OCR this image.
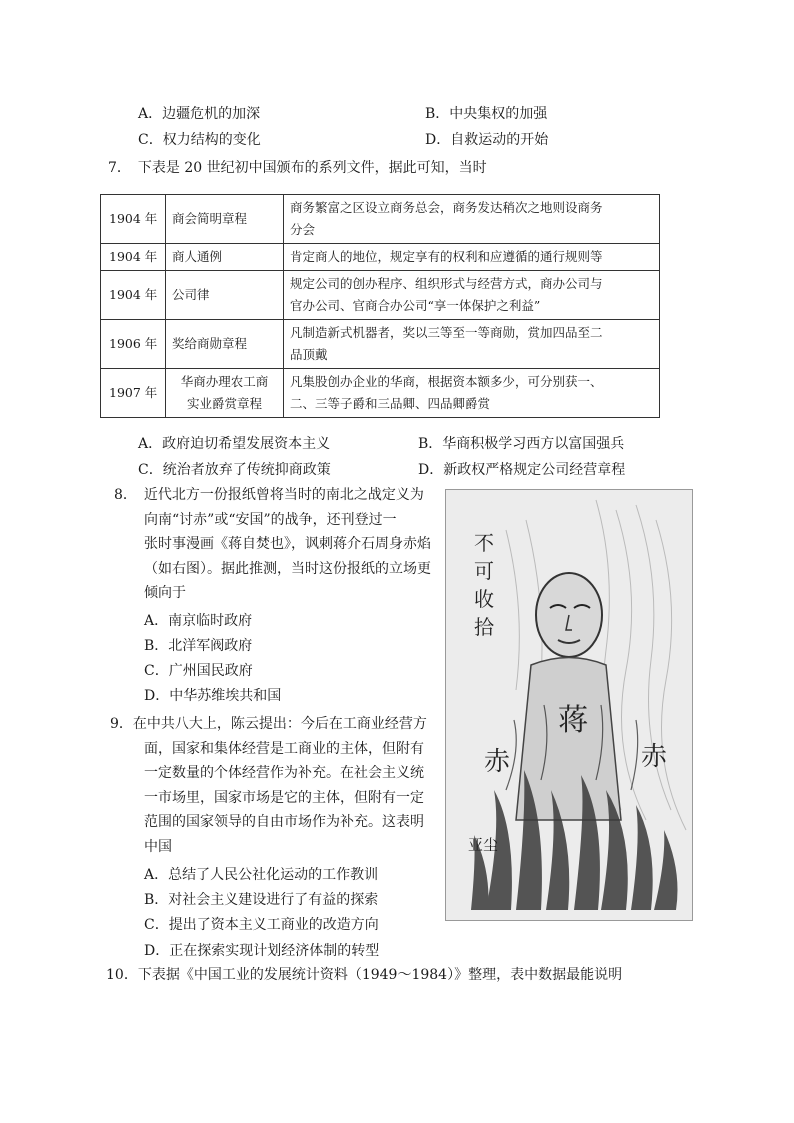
A．边疆危机的加深	B．中央集权的加强
C．权力结构的变化	D．自救运动的开始
7．　下表是 20 世纪初中国颁布的系列文件，据此可知，当时
1904 年	商会简明章程	商务繁富之区设立商务总会，商务发达稍次之地则设商务
分会
1904 年	商人通例	肯定商人的地位，规定享有的权利和应遵循的通行规则等
1904 年	公司律	规定公司的创办程序、组织形式与经营方式，商办公司与
官办公司、官商合办公司“享一体保护之利益”
1906 年	奖给商勋章程	凡制造新式机器者，奖以三等至一等商勋，赏加四品至二
品顶戴
1907 年	华商办理农工商
实业爵赏章程	凡集股创办企业的华商，根据资本额多少，可分别获一、
二、三等子爵和三品卿、四品卿爵赏
A．政府迫切希望发展资本主义	B．华商积极学习西方以富国强兵
C．统治者放弃了传统抑商政策	D．新政权严格规定公司经营章程
8．　近代北方一份报纸曾将当时的南北之战定义为
向南“讨赤”或“安国”的战争，还刊登过一
张时事漫画《蒋自焚也》，讽刺蒋介石周身赤焰
（如右图）。据此推测，当时这份报纸的立场更
倾向于
A．南京临时政府
B．北洋军阀政府
C．广州国民政府
D．中华苏维埃共和国
不
可
收
拾
赤	赤
蒋
亚尘
9．在中共八大上，陈云提出：今后在工商业经营方
面，国家和集体经营是工商业的主体，但附有
一定数量的个体经营作为补充。在社会主义统
一市场里，国家市场是它的主体，但附有一定
范围的国家领导的自由市场作为补充。这表明
中国
A．总结了人民公社化运动的工作教训
B．对社会主义建设进行了有益的探索
C．提出了资本主义工商业的改造方向
D．正在探索实现计划经济体制的转型
10．下表据《中国工业的发展统计资料（1949～1984）》整理，表中数据最能说明
